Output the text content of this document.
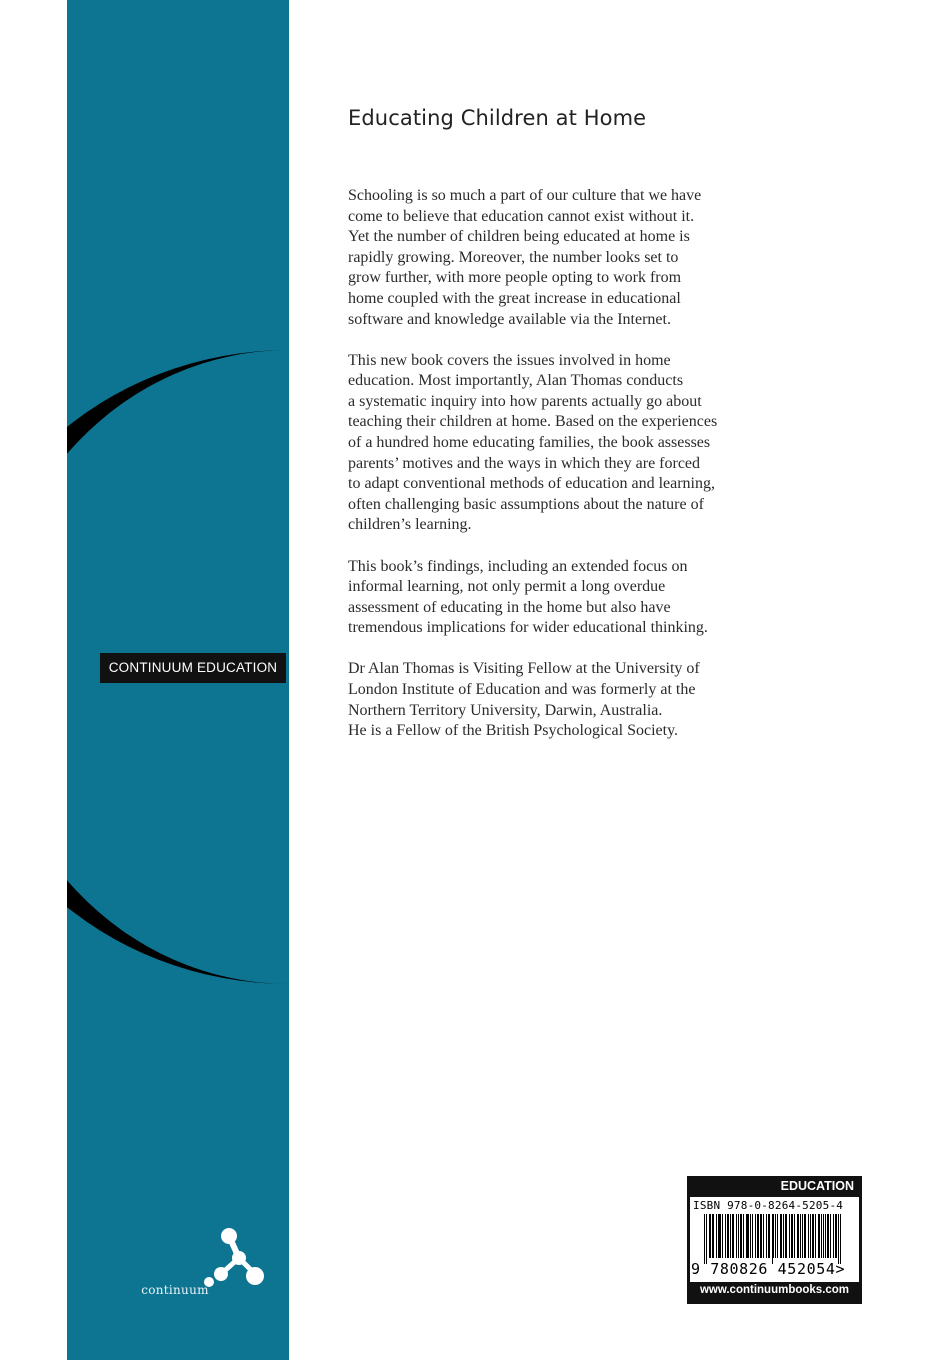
CONTINUUM EDUCATION
continuum
Educating Children at Home

Schooling is so much a part of our culture that we have
come to believe that education cannot exist without it.
Yet the number of children being educated at home is
rapidly growing. Moreover, the number looks set to
grow further, with more people opting to work from
home coupled with the great increase in educational
software and knowledge available via the Internet.

This new book covers the issues involved in home
education. Most importantly, Alan Thomas conducts
a systematic inquiry into how parents actually go about
teaching their children at home. Based on the experiences
of a hundred home educating families, the book assesses
parents’ motives and the ways in which they are forced
to adapt conventional methods of education and learning,
often challenging basic assumptions about the nature of
children’s learning.

This book’s findings, including an extended focus on
informal learning, not only permit a long overdue
assessment of educating in the home but also have
tremendous implications for wider educational thinking.

Dr Alan Thomas is Visiting Fellow at the University of
London Institute of Education and was formerly at the
Northern Territory University, Darwin, Australia.
He is a Fellow of the British Psychological Society.

EDUCATION
ISBN 978-0-8264-5205-4
9 780826 452054>
www.continuumbooks.com
